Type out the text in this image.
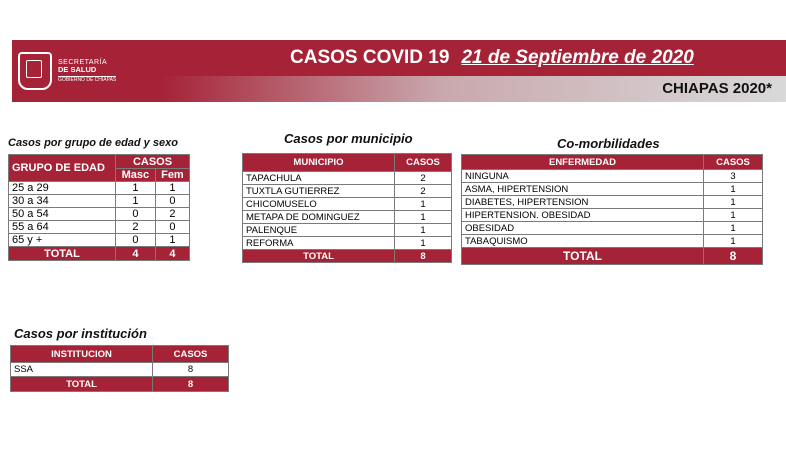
SECRETARÍA
DE SALUD
GOBIERNO DE CHIAPAS
CASOS COVID 19 21 de Septiembre de 2020
CHIAPAS 2020*
Casos por grupo de edad y sexo
GRUPO DE EDAD	CASOS	
	Masc	Fem
25 a 29	1	1
30 a 34	1	0
50 a 54	0	2
55 a 64	2	0
65 y +	0	1
TOTAL	4	4
Casos por municipio
MUNICIPIO	CASOS
TAPACHULA	2
TUXTLA GUTIERREZ	2
CHICOMUSELO	1
METAPA DE DOMINGUEZ	1
PALENQUE	1
REFORMA	1
TOTAL	8
Co-morbilidades
ENFERMEDAD	CASOS
NINGUNA	3
ASMA, HIPERTENSION	1
DIABETES, HIPERTENSION	1
HIPERTENSION. OBESIDAD	1
OBESIDAD	1
TABAQUISMO	1
TOTAL	8
Casos por institución
INSTITUCION	CASOS
SSA	8
TOTAL	8
